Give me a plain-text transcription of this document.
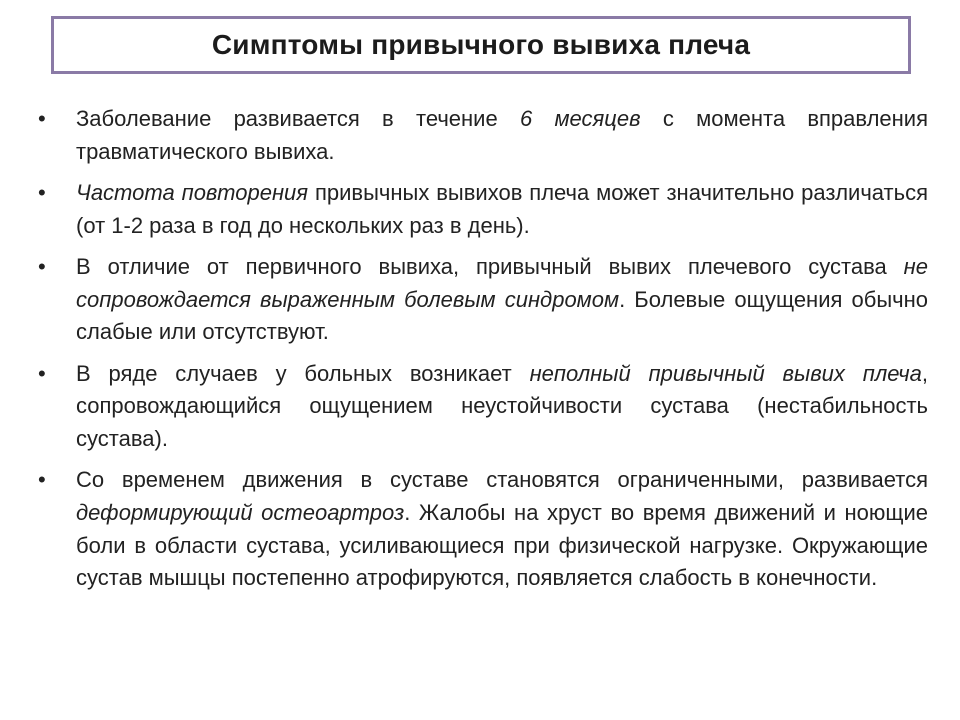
Симптомы привычного вывиха плеча
• Заболевание развивается в течение 6 месяцев с момента вправления травматического вывиха.
• Частота повторения привычных вывихов плеча может значительно различаться (от 1-2 раза в год до нескольких раз в день).
• В отличие от первичного вывиха, привычный вывих плечевого сустава не сопровождается выраженным болевым синдромом. Болевые ощущения обычно слабые или отсутствуют.
• В ряде случаев у больных возникает неполный привычный вывих плеча, сопровождающийся ощущением неустойчивости сустава (нестабильность сустава).
• Со временем движения в суставе становятся ограниченными, развивается деформирующий остеоартроз. Жалобы на хруст во время движений и ноющие боли в области сустава, усиливающиеся при физической нагрузке. Окружающие сустав мышцы постепенно атрофируются, появляется слабость в конечности.
